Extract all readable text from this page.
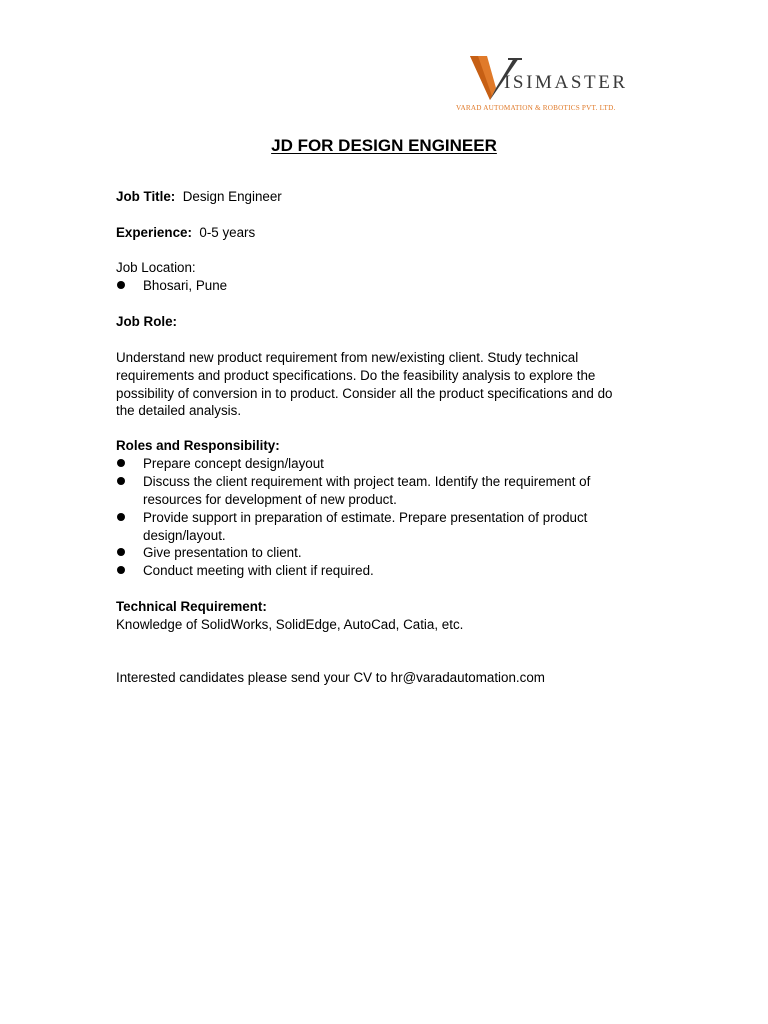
ISIMASTER
VARAD AUTOMATION & ROBOTICS PVT. LTD.
JD FOR DESIGN ENGINEER
Job Title: Design Engineer
Experience: 0-5 years
Job Location:
Bhosari, Pune
Job Role:
Understand new product requirement from new/existing client. Study technical
requirements and product specifications. Do the feasibility analysis to explore the
possibility of conversion in to product. Consider all the product specifications and do
the detailed analysis.
Roles and Responsibility:
Prepare concept design/layout
Discuss the client requirement with project team. Identify the requirement of
resources for development of new product.
Provide support in preparation of estimate. Prepare presentation of product
design/layout.
Give presentation to client.
Conduct meeting with client if required.
Technical Requirement:
Knowledge of SolidWorks, SolidEdge, AutoCad, Catia, etc.
Interested candidates please send your CV to hr@varadautomation.com
